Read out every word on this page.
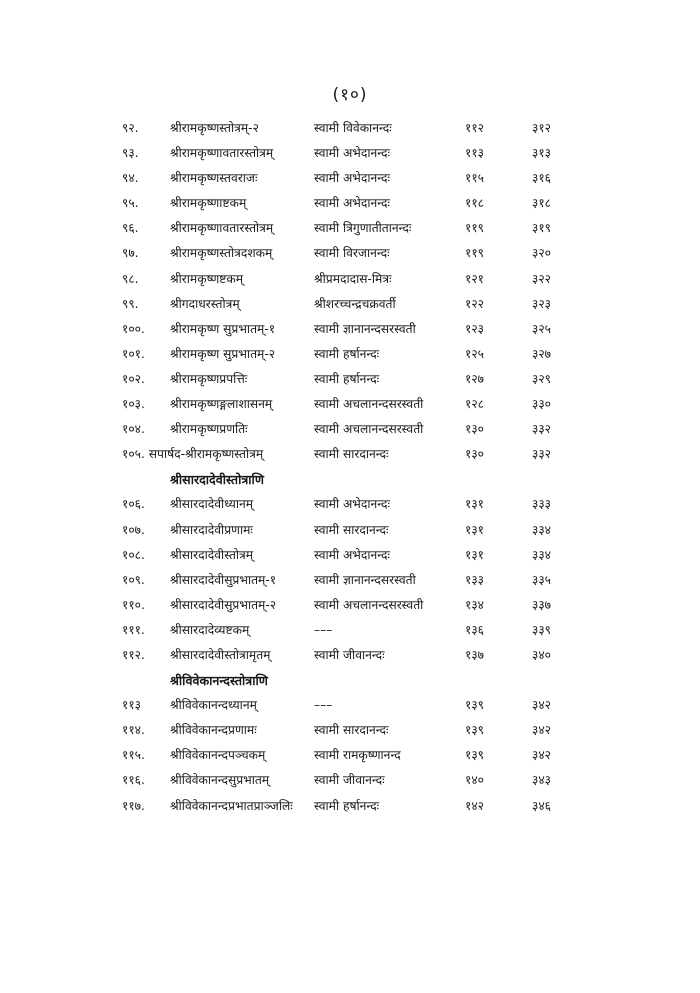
(१०)
९२.	श्रीरामकृष्णस्तोत्रम्-२	स्वामी विवेकानन्दः	११२	३१२
९३.	श्रीरामकृष्णावतारस्तोत्रम्	स्वामी अभेदानन्दः	११३	३१३
९४.	श्रीरामकृष्णस्तवराजः	स्वामी अभेदानन्दः	११५	३१६
९५.	श्रीरामकृष्णाष्टकम्	स्वामी अभेदानन्दः	११८	३१८
९६.	श्रीरामकृष्णावतारस्तोत्रम्	स्वामी त्रिगुणातीतानन्दः	११९	३१९
९७.	श्रीरामकृष्णस्तोत्रदशकम्	स्वामी विरजानन्दः	११९	३२०
९८.	श्रीरामकृष्णष्टकम्	श्रीप्रमदादास-मित्रः	१२१	३२२
९९.	श्रीगदाधरस्तोत्रम्	श्रीशरच्चन्द्रचक्रवर्ती	१२२	३२३
१००. श्रीरामकृष्ण सुप्रभातम्-१	स्वामी ज्ञानानन्दसरस्वती	१२३	३२५
१०१. श्रीरामकृष्ण सुप्रभातम्-२	स्वामी हर्षानन्दः	१२५	३२७
१०२. श्रीरामकृष्णप्रपत्तिः	स्वामी हर्षानन्दः	१२७	३२९
१०३. श्रीरामकृष्णङ्गलाशासनम्	स्वामी अचलानन्दसरस्वती	१२८	३३०
१०४. श्रीरामकृष्णप्रणतिः	स्वामी अचलानन्दसरस्वती	१३०	३३२
१०५. सपार्षद-श्रीरामकृष्णस्तोत्रम्	स्वामी सारदानन्दः	१३०	३३२
श्रीसारदादेवीस्तोत्राणि
१०६. श्रीसारदादेवीध्यानम्	स्वामी अभेदानन्दः	१३१	३३३
१०७. श्रीसारदादेवीप्रणामः	स्वामी सारदानन्दः	१३१	३३४
१०८. श्रीसारदादेवीस्तोत्रम्	स्वामी अभेदानन्दः	१३१	३३४
१०९. श्रीसारदादेवीसुप्रभातम्-१	स्वामी ज्ञानानन्दसरस्वती	१३३	३३५
११०. श्रीसारदादेवीसुप्रभातम्-२	स्वामी अचलानन्दसरस्वती	१३४	३३७
१११. श्रीसारदादेव्यष्टकम्	–––	१३६	३३९
११२. श्रीसारदादेवीस्तोत्रामृतम्	स्वामी जीवानन्दः	१३७	३४०
श्रीविवेकानन्दस्तोत्राणि
११३ श्रीविवेकानन्दध्यानम्	–––	१३९	३४२
११४. श्रीविवेकानन्दप्रणामः	स्वामी सारदानन्दः	१३९	३४२
११५. श्रीविवेकानन्दपञ्चकम्	स्वामी रामकृष्णानन्द	१३९	३४२
११६. श्रीविवेकानन्दसुप्रभातम्	स्वामी जीवानन्दः	१४०	३४३
११७. श्रीविवेकानन्दप्रभातप्राञ्जलिः स्वामी हर्षानन्दः	१४२	३४६
